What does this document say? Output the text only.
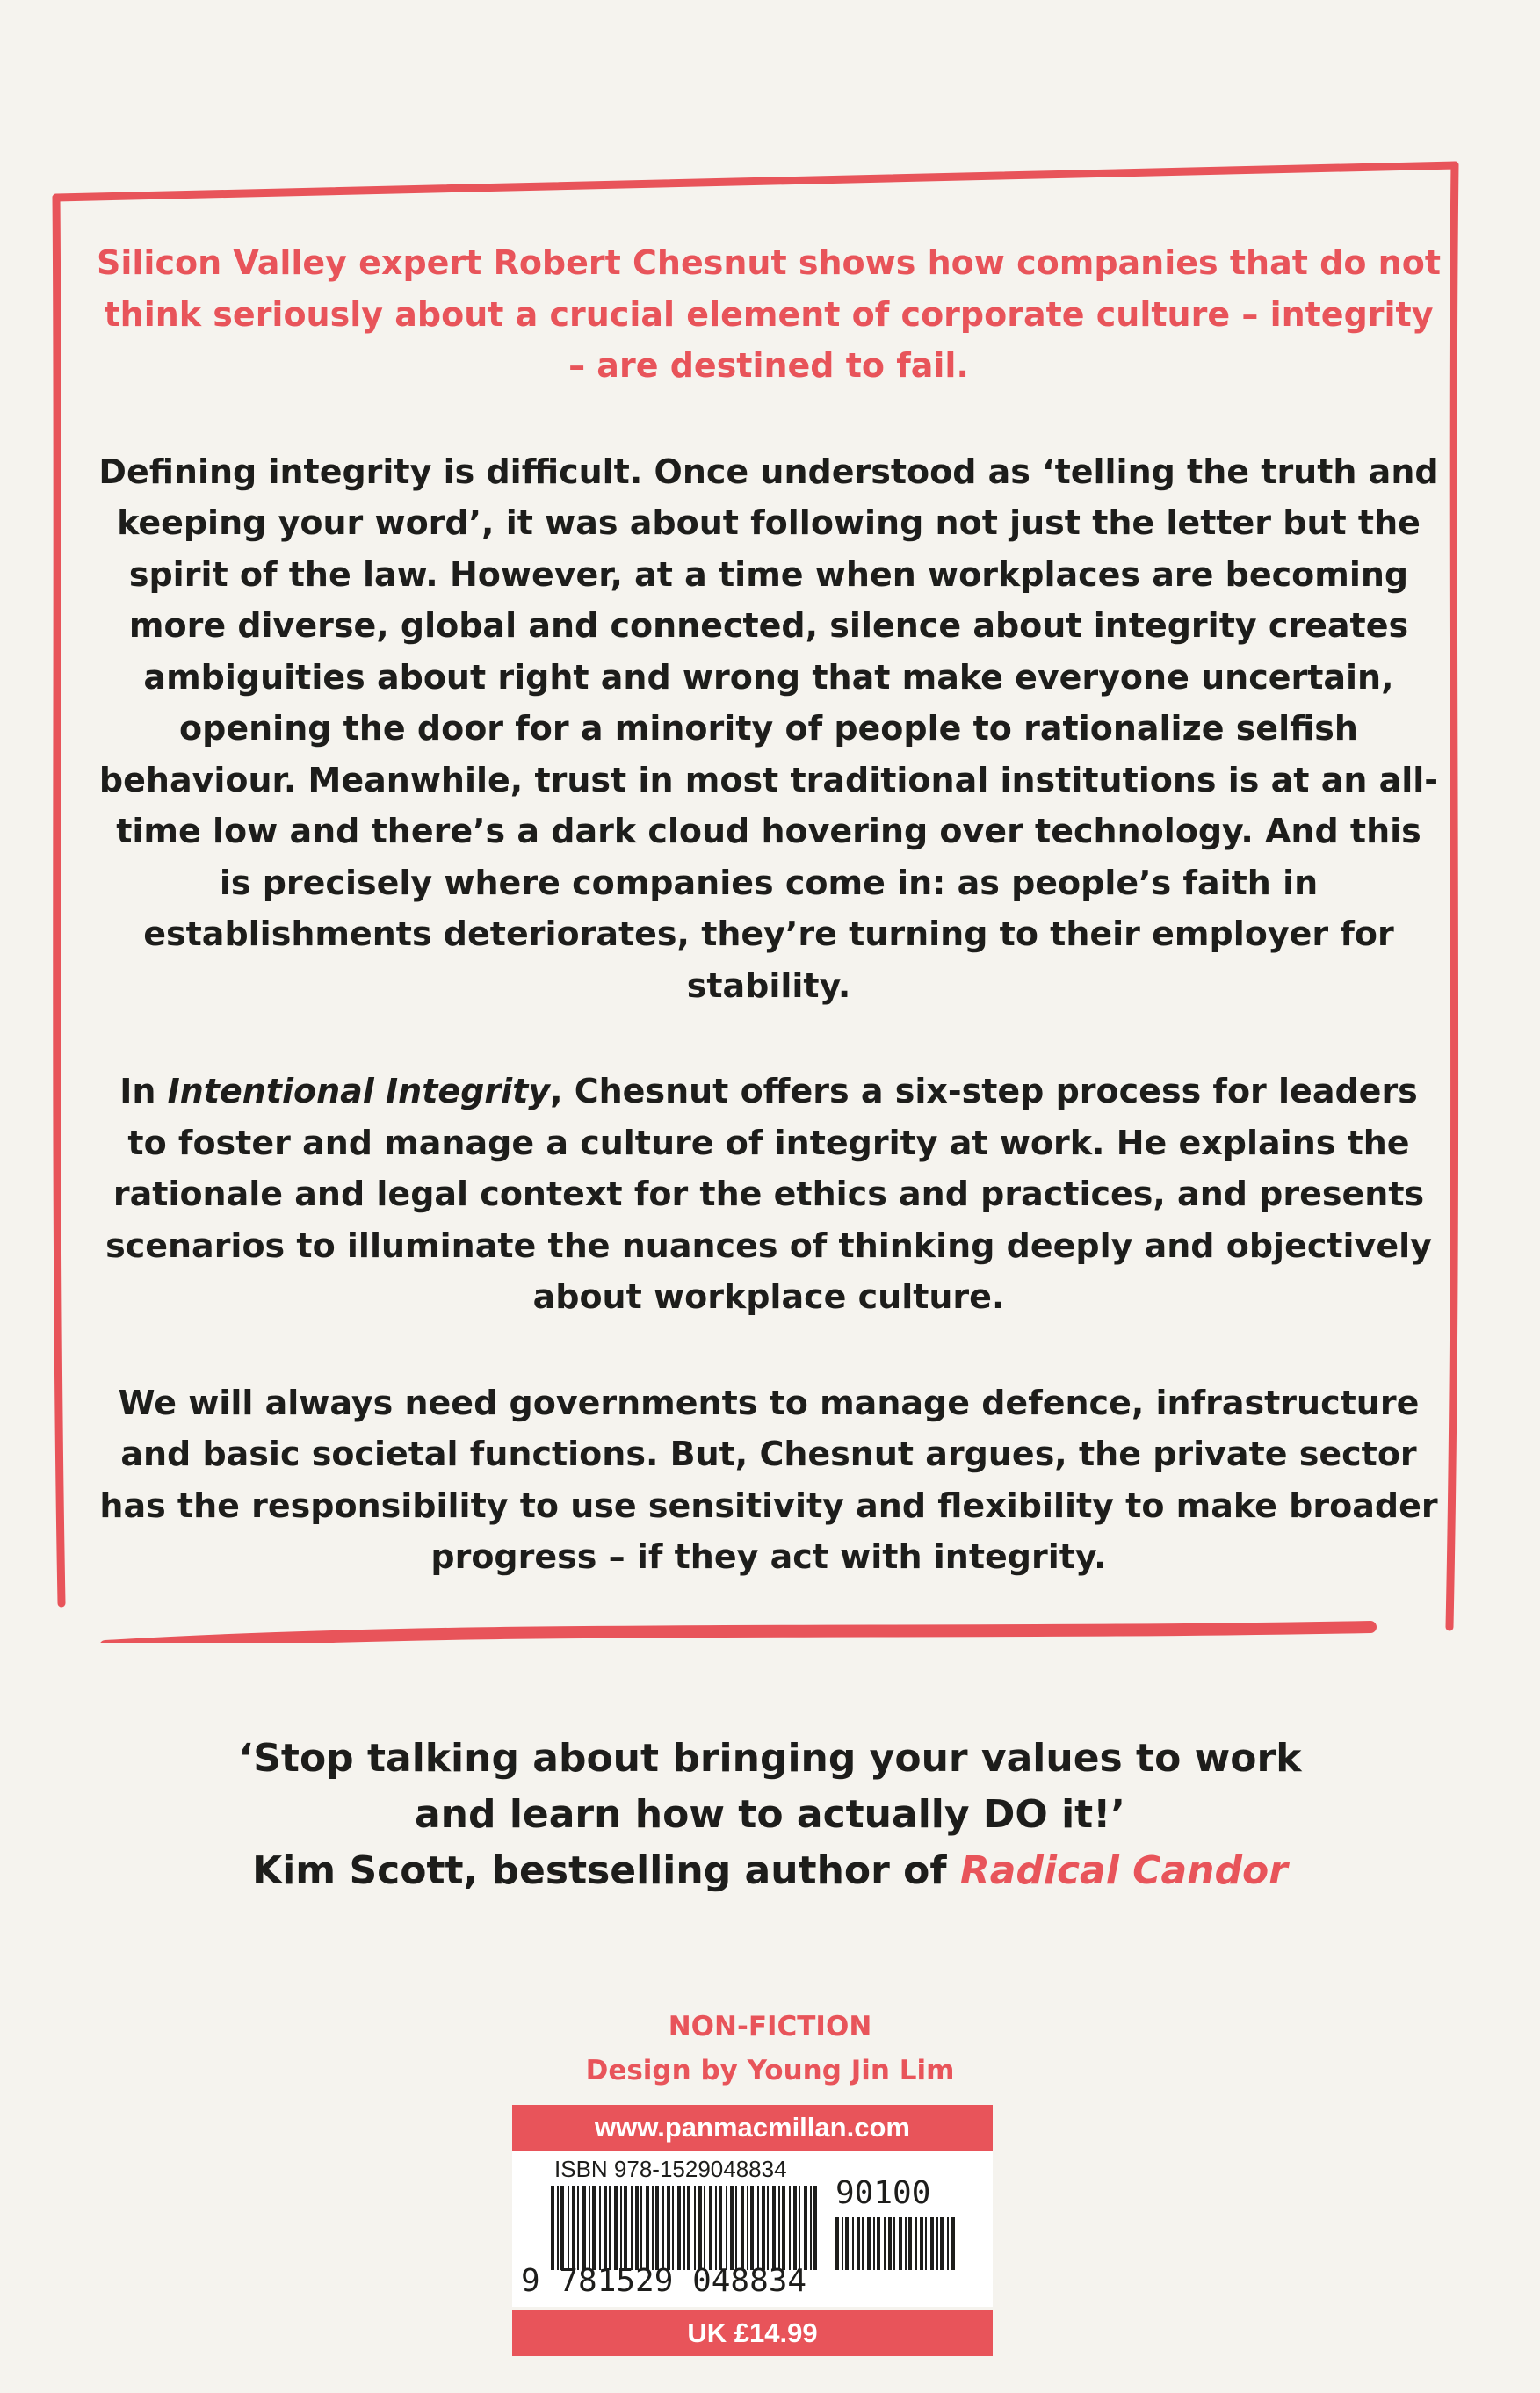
Silicon Valley expert Robert Chesnut shows how companies that do not think seriously about a crucial element of corporate culture – integrity – are destined to fail.

Defining integrity is difficult. Once understood as ‘telling the truth and keeping your word’, it was about following not just the letter but the spirit of the law. However, at a time when workplaces are becoming more diverse, global and connected, silence about integrity creates ambiguities about right and wrong that make everyone uncertain, opening the door for a minority of people to rationalize selfish behaviour. Meanwhile, trust in most traditional institutions is at an all-time low and there’s a dark cloud hovering over technology. And this is precisely where companies come in: as people’s faith in establishments deteriorates, they’re turning to their employer for stability.

In Intentional Integrity, Chesnut offers a six-step process for leaders to foster and manage a culture of integrity at work. He explains the rationale and legal context for the ethics and practices, and presents scenarios to illuminate the nuances of thinking deeply and objectively about workplace culture.

We will always need governments to manage defence, infrastructure and basic societal functions. But, Chesnut argues, the private sector has the responsibility to use sensitivity and flexibility to make broader progress – if they act with integrity.

‘Stop talking about bringing your values to work
and learn how to actually DO it!’
Kim Scott, bestselling author of Radical Candor
NON-FICTION
Design by Young Jin Lim
www.panmacmillan.com
ISBN 978-1529048834
90100
9 781529 048834
UK £14.99
